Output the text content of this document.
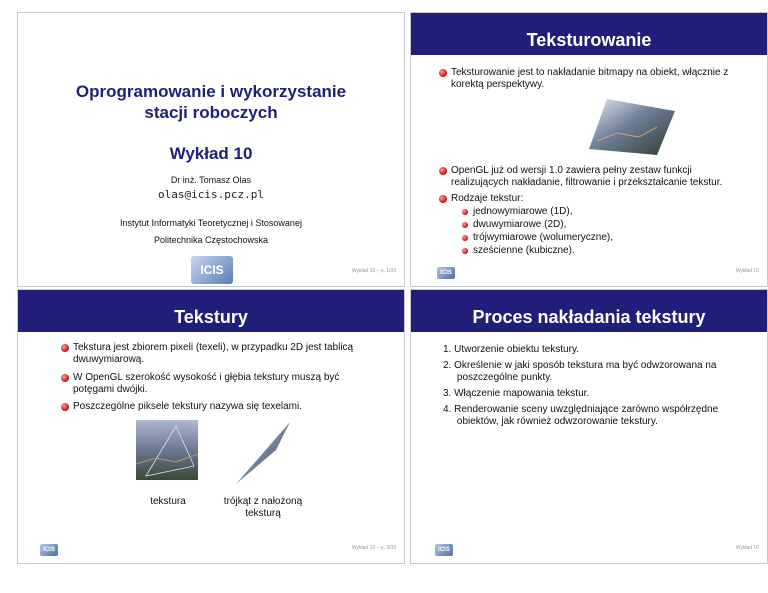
Oprogramowanie i wykorzystanie
stacji roboczych
Wykład 10
Dr inż. Tomasz Olas
olas@icis.pcz.pl
Instytut Informatyki Teoretycznej i Stosowanej
Politechnika Częstochowska
ICIS	Wykład 10 – p. 1/39
Teksturowanie
Teksturowanie jest to nakładanie bitmapy na obiekt, włącznie z
korektą perspektywy.
OpenGL już od wersji 1.0 zawiera pełny zestaw funkcji
realizujących nakładanie, filtrowanie i przekształcanie tekstur.
Rodzaje tekstur:
jednowymiarowe (1D),
dwuwymiarowe (2D),
trójwymiarowe (wolumeryczne),
sześcienne (kubiczne).
ICIS	Wykład 10
Tekstury
Teksturа jest zbiorem pixeli (texeli), w przypadku 2D jest tablicą
dwuwymiarową.
W OpenGL szerokość wysokość i głębia tekstury muszą być
potęgami dwójki.
Poszczególne piksele tekstury nazywa się texelami.
tekstura	trójkąt z nałożoną
teksturą
ICIS	Wykład 10 – p. 3/39
Proces nakładania tekstury
1. Utworzenie obiektu tekstury.
2. Określenie w jaki sposób tekstura ma być odwzorowana na
poszczególne punkty.
3. Włączenie mapowania tekstur.
4. Renderowanie sceny uwzględniające zarówno współrzędne
obiektów, jak również odwzorowanie tekstury.
ICIS	Wykład 10
